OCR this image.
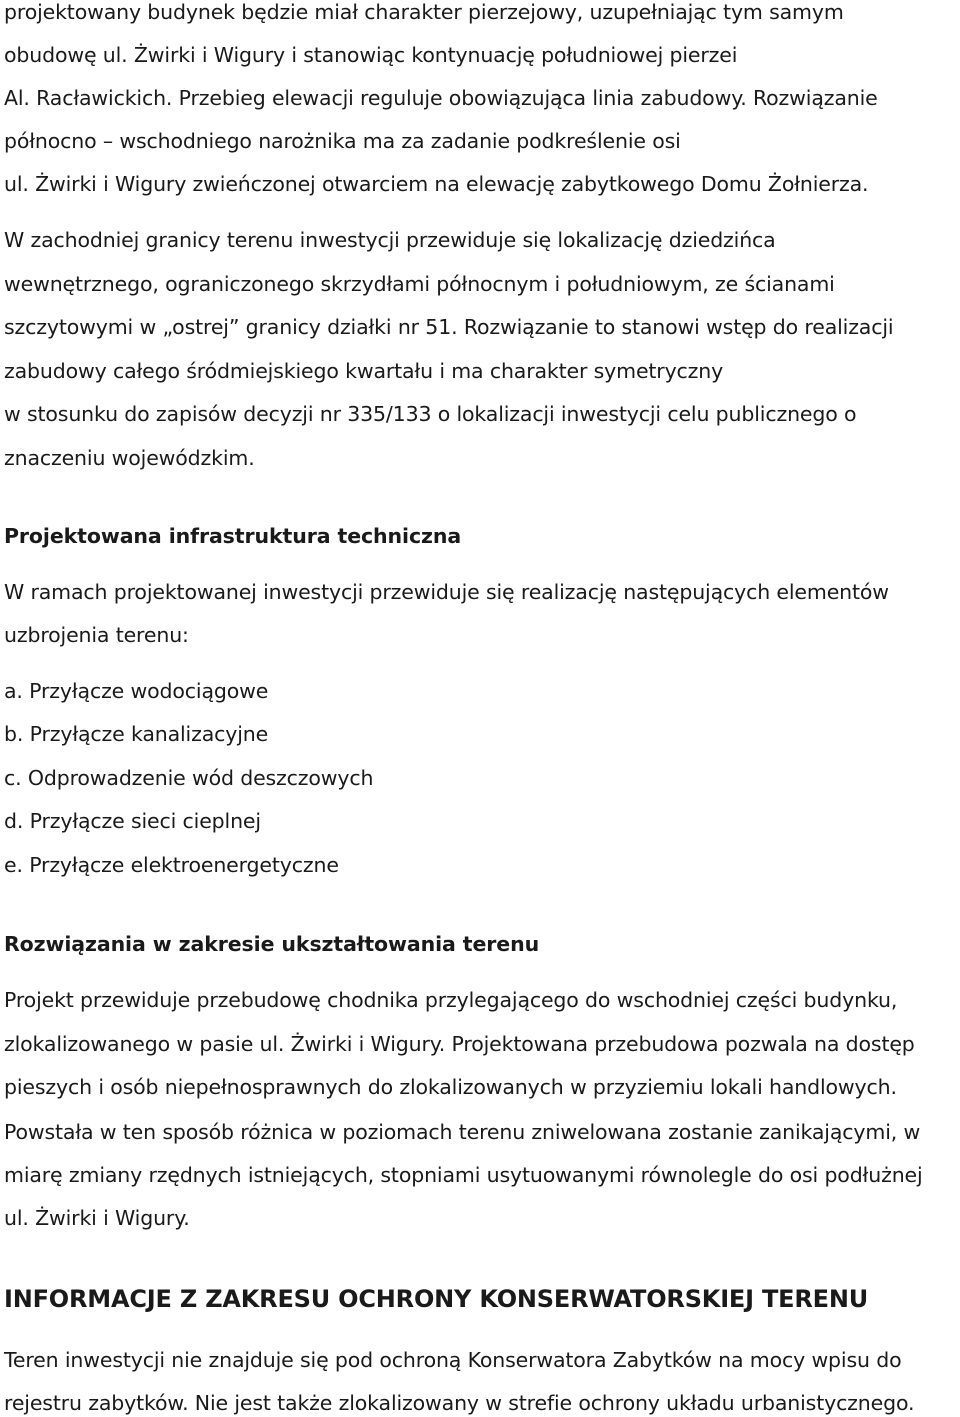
projektowany budynek będzie miał charakter pierzejowy, uzupełniając tym samym
obudowę ul. Żwirki i Wigury i stanowiąc kontynuację południowej pierzei
Al. Racławickich. Przebieg elewacji reguluje obowiązująca linia zabudowy. Rozwiązanie
północno – wschodniego narożnika ma za zadanie podkreślenie osi
ul. Żwirki i Wigury zwieńczonej otwarciem na elewację zabytkowego Domu Żołnierza.
W zachodniej granicy terenu inwestycji przewiduje się lokalizację dziedzińca
wewnętrznego, ograniczonego skrzydłami północnym i południowym, ze ścianami
szczytowymi w „ostrej” granicy działki nr 51. Rozwiązanie to stanowi wstęp do realizacji
zabudowy całego śródmiejskiego kwartału i ma charakter symetryczny
w stosunku do zapisów decyzji nr 335/133 o lokalizacji inwestycji celu publicznego o
znaczeniu wojewódzkim.
Projektowana infrastruktura techniczna
W ramach projektowanej inwestycji przewiduje się realizację następujących elementów
uzbrojenia terenu:
a. Przyłącze wodociągowe
b. Przyłącze kanalizacyjne
c. Odprowadzenie wód deszczowych
d. Przyłącze sieci cieplnej
e. Przyłącze elektroenergetyczne
Rozwiązania w zakresie ukształtowania terenu
Projekt przewiduje przebudowę chodnika przylegającego do wschodniej części budynku,
zlokalizowanego w pasie ul. Żwirki i Wigury. Projektowana przebudowa pozwala na dostęp
pieszych i osób niepełnosprawnych do zlokalizowanych w przyziemiu lokali handlowych.
Powstała w ten sposób różnica w poziomach terenu zniwelowana zostanie zanikającymi, w
miarę zmiany rzędnych istniejących, stopniami usytuowanymi równolegle do osi podłużnej
ul. Żwirki i Wigury.
INFORMACJE Z ZAKRESU OCHRONY KONSERWATORSKIEJ TERENU
Teren inwestycji nie znajduje się pod ochroną Konserwatora Zabytków na mocy wpisu do
rejestru zabytków. Nie jest także zlokalizowany w strefie ochrony układu urbanistycznego.
